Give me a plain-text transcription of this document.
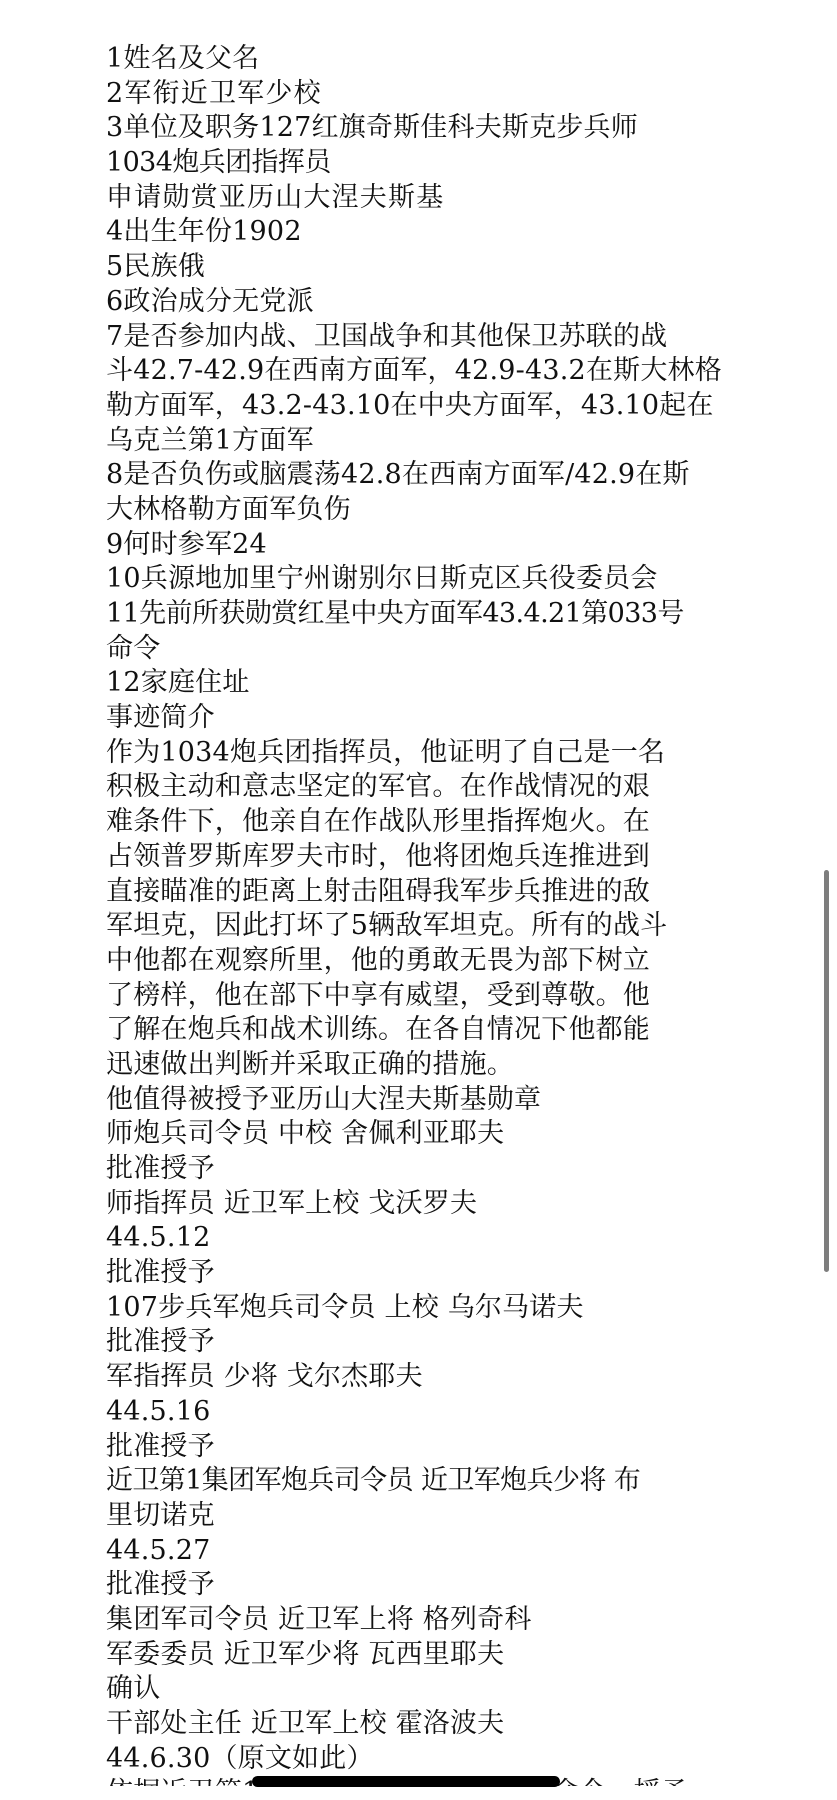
1姓名及父名
2军衔近卫军少校
3单位及职务127红旗奇斯佳科夫斯克步兵师
1034炮兵团指挥员
申请勋赏亚历山大涅夫斯基
4出生年份1902
5民族俄
6政治成分无党派
7是否参加内战、卫国战争和其他保卫苏联的战
斗42.7-42.9在西南方面军，42.9-43.2在斯大林格
勒方面军，43.2-43.10在中央方面军，43.10起在
乌克兰第1方面军
8是否负伤或脑震荡42.8在西南方面军/42.9在斯
大林格勒方面军负伤
9何时参军24
10兵源地加里宁州谢别尔日斯克区兵役委员会
11先前所获勋赏红星中央方面军43.4.21第033号
命令
12家庭住址
事迹简介
作为1034炮兵团指挥员，他证明了自己是一名
积极主动和意志坚定的军官。在作战情况的艰
难条件下，他亲自在作战队形里指挥炮火。在
占领普罗斯库罗夫市时，他将团炮兵连推进到
直接瞄准的距离上射击阻碍我军步兵推进的敌
军坦克，因此打坏了5辆敌军坦克。所有的战斗
中他都在观察所里，他的勇敢无畏为部下树立
了榜样，他在部下中享有威望，受到尊敬。他
了解在炮兵和战术训练。在各自情况下他都能
迅速做出判断并采取正确的措施。
他值得被授予亚历山大涅夫斯基勋章
师炮兵司令员 中校 舍佩利亚耶夫
批准授予
师指挥员 近卫军上校 戈沃罗夫
44.5.12
批准授予
107步兵军炮兵司令员 上校 乌尔马诺夫
批准授予
军指挥员 少将 戈尔杰耶夫
44.5.16
批准授予
近卫第1集团军炮兵司令员 近卫军炮兵少将 布
里切诺克
44.5.27
批准授予
集团军司令员 近卫军上将 格列奇科
军委委员 近卫军少将 瓦西里耶夫
确认
干部处主任 近卫军上校 霍洛波夫
44.6.30（原文如此）
